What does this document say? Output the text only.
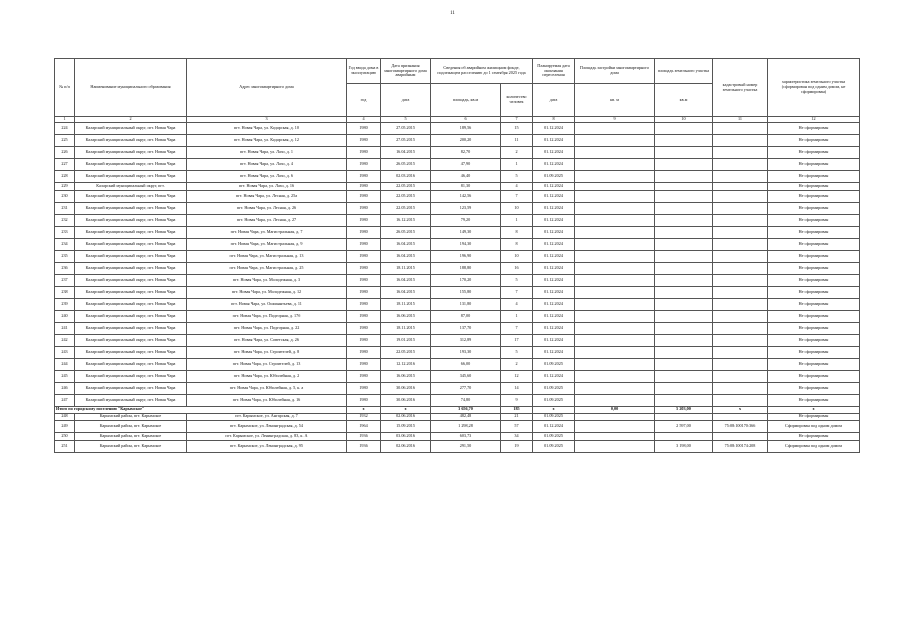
11
№ п/п	Наименование муниципального образования	Адрес многоквартирного дома	Год ввода дома в эксплуатацию	Дата признания многоквартирного дома аварийным	Сведения об аварийном жилищном фонде, подлежащем расселению до 1 сентября 2025 года		Планируемая дата окончания переселения	Площадь застройки многоквартирного дома	площадь земельного участка	кадастровый номер земельного участка	характеристика земельного участка (сформирован под одним домом, не сформирован)
			год	дата	площадь, кв.м	количество человек	дата	кв. м	кв.м		
1	2	3	4	5	6	7	8	9	10	11	12
224	Каларский муниципальный округ, пгт. Новая Чара	пгт. Новая Чара, ул. Кодарская, д. 10	1980	27.05.2015	189,56	15	01.12.2024				Не сформирован
225	Каларский муниципальный округ, пгт. Новая Чара	пгт. Новая Чара, ул. Кодарская, д. 12	1980	27.05.2015	200,20	11	01.12.2024				Не сформирован
226	Каларский муниципальный округ, пгт. Новая Чара	пгт. Новая Чара, ул. Лазо, д. 1	1980	16.04.2015	82,70	2	01.12.2024				Не сформирован
227	Каларский муниципальный округ, пгт. Новая Чара	пгт. Новая Чара, ул. Лазо, д. 4	1980	26.05.2015	47,90	1	01.12.2024				Не сформирован
228	Каларский муниципальный округ, пгт. Новая Чара	пгт. Новая Чара, ул. Лазо, д. 6	1980	02.03.2016	46,40	5	01.09.2025				Не сформирован
229	Каларский муниципальный округ, пгт.	пгт. Новая Чара, ул. Лазо, д. 16	1980	22.05.2015	81,30	4	01.12.2024				Не сформирован
230	Каларский муниципальный округ, пгт. Новая Чара	пгт. Новая Чара, ул. Лесная, д. 25а	1980	22.05.2015	142,56	7	01.12.2024				Не сформирован
231	Каларский муниципальный округ, пгт. Новая Чара	пгт. Новая Чара, ул. Лесная, д. 26	1980	22.05.2015	123,59	10	01.12.2024				Не сформирован
232	Каларский муниципальный округ, пгт. Новая Чара	пгт. Новая Чара, ул. Лесная, д. 27	1980	16.12.2015	79,20	1	01.12.2024				Не сформирован
233	Каларский муниципальный округ, пгт. Новая Чара	пгт. Новая Чара, ул. Магистральная, д. 7	1980	26.05.2015	149,30	8	01.12.2024				Не сформирован
234	Каларский муниципальный округ, пгт. Новая Чара	пгт. Новая Чара, ул. Магистральная, д. 9	1980	16.04.2015	194,30	8	01.12.2024				Не сформирован
235	Каларский муниципальный округ, пгт. Новая Чара	пгт. Новая Чара, ул. Магистральная, д. 13	1980	16.04.2015	196,90	10	01.12.2024				Не сформирован
236	Каларский муниципальный округ, пгт. Новая Чара	пгт. Новая Чара, ул. Магистральная, д. 25	1980	18.11.2015	188,80	16	01.12.2024				Не сформирован
237	Каларский муниципальный округ, пгт. Новая Чара	пгт. Новая Чара, ул. Молодежная, д. 3	1980	16.04.2015	170,20	5	01.12.2024				Не сформирован
238	Каларский муниципальный округ, пгт. Новая Чара	пгт. Новая Чара, ул. Молодежная, д. 12	1980	16.04.2015	155,80	7	01.12.2024				Не сформирован
239	Каларский муниципальный округ, пгт. Новая Чара	пгт. Новая Чара, ул. Ошианнтьева, д. 11	1980	18.11.2015	131,80	4	01.12.2024				Не сформирован
240	Каларский муниципальный округ, пгт. Новая Чара	пгт. Новая Чара, ул. Подгорная, д. 17б	1980	16.06.2015	87,00	1	01.12.2024				Не сформирован
241	Каларский муниципальный округ, пгт. Новая Чара	пгт. Новая Чара, ул. Подгорная, д. 22	1980	18.11.2015	137,70	7	01.12.2024				Не сформирован
242	Каларский муниципальный округ, пгт. Новая Чара	пгт. Новая Чара, ул. Советская, д. 26	1980	19.01.2015	312,89	17	01.12.2024				Не сформирован
243	Каларский муниципальный округ, пгт. Новая Чара	пгт. Новая Чара, ул. Строителей, д. 8	1980	22.05.2015	193,30	5	01.12.2024				Не сформирован
244	Каларский муниципальный округ, пгт. Новая Чара	пгт. Новая Чара, ул. Строителей, д. 13	1980	12.12.2016	66,00	2	01.09.2025				Не сформирован
245	Каларский муниципальный округ, пгт. Новая Чара	пгт. Новая Чара, ул. Юбилейная, д. 2	1980	16.06.2015	345,60	12	01.12.2024				Не сформирован
246	Каларский муниципальный округ, пгт. Новая Чара	пгт. Новая Чара, ул. Юбилейная, д. 5, к. а	1980	30.06.2016	277,70	14	01.09.2025				Не сформирован
247	Каларский муниципальный округ, пгт. Новая Чара	пгт. Новая Чара, ул. Юбилейная, д. 16	1980	30.06.2016	74,80	9	01.09.2025				Не сформирован
Итого по городскому поселению "Карымское"			x	x	3 656,70	185	x	0,00	5 203,00	x	x
248	Карымский район, пгт. Карымское	пгт. Карымское, ул. Ангарская, д. 7	1932	02.06.2016	482,48	21	01.09.2025				Не сформирован
249	Карымский район, пгт. Карымское	пгт. Карымское, ул. Ленинградская, д. 54	1964	15.09.2015	1 298,28	57	01.12.2024		2 597,00	75:08:100170:366	Сформирован под одним домом
250	Карымский район, пгт. Карымское	пгт. Карымское, ул. Ленинградская, д. 83, к. А	1936	03.06.2016	603,73	34	01.09.2025				Не сформирован
251	Карымский район, пгт. Карымское	пгт. Карымское, ул. Ленинградская, д. 95	1936	02.06.2016	291,50	19	01.09.2025		3 198,00	75:08:100174:208	Сформирован под одним домом
